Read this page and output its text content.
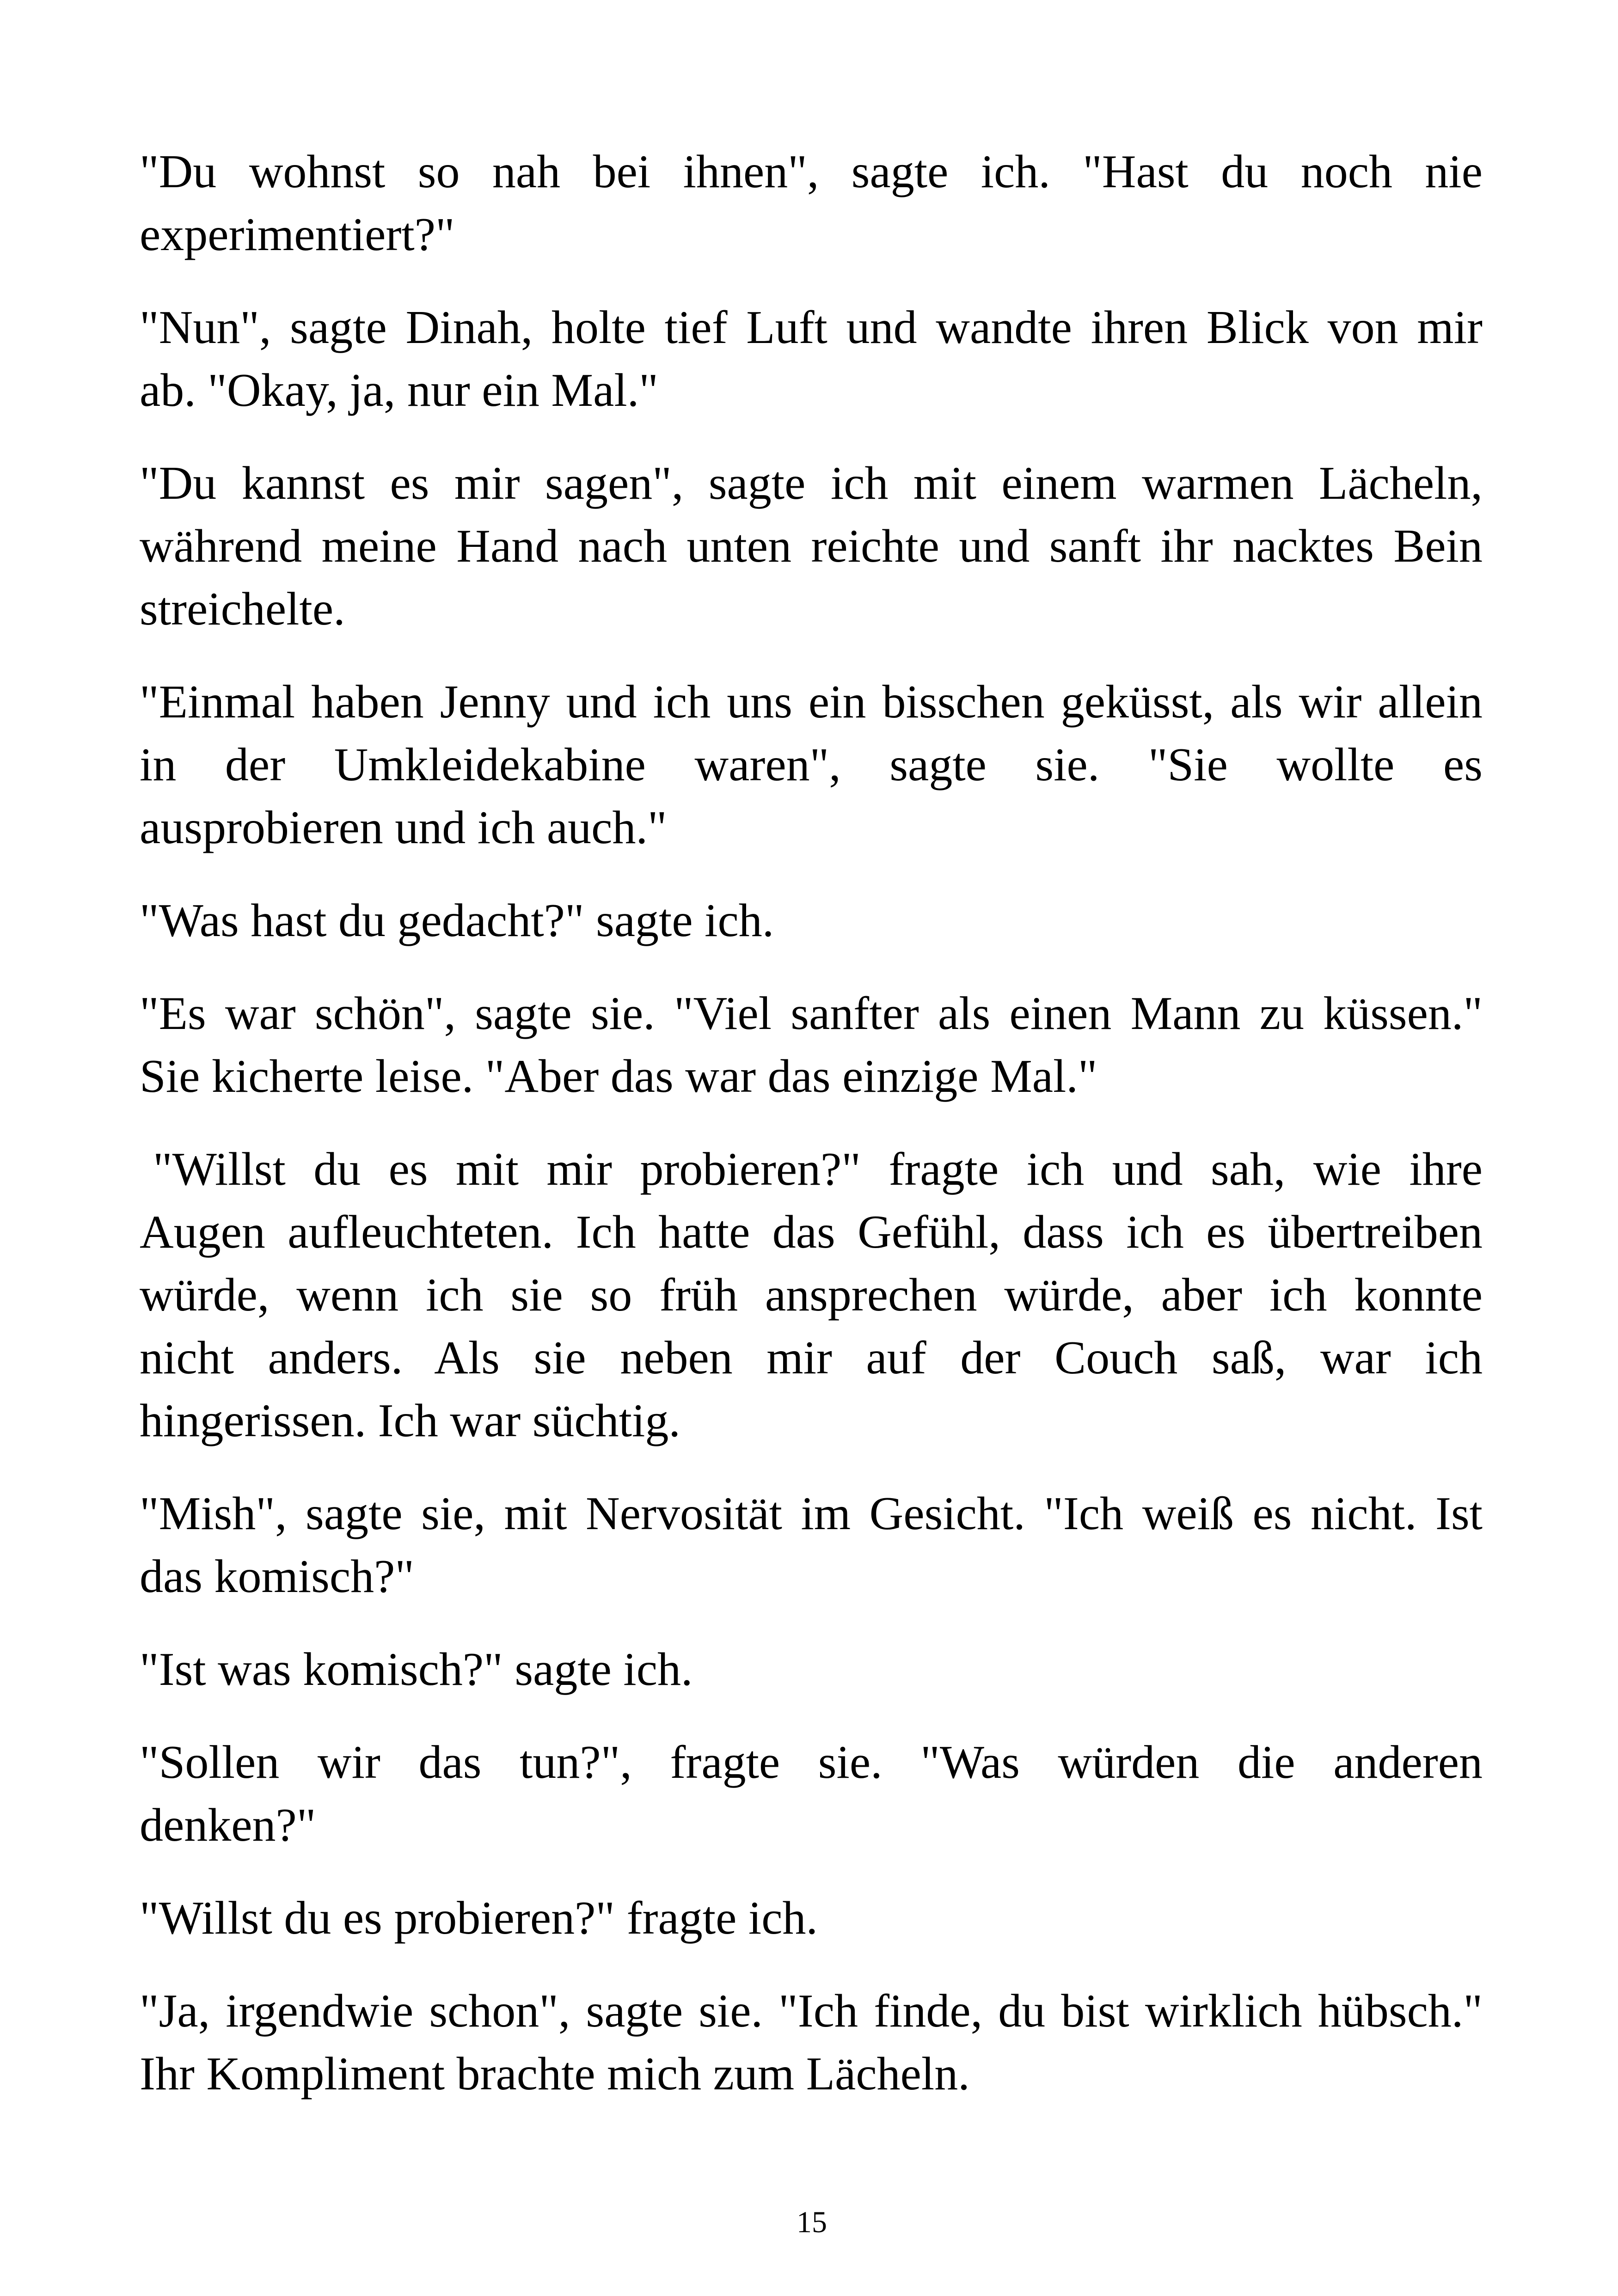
"Du wohnst so nah bei ihnen", sagte ich. "Hast du noch nie
experimentiert?"
"Nun", sagte Dinah, holte tief Luft und wandte ihren Blick von mir
ab. "Okay, ja, nur ein Mal."
"Du kannst es mir sagen", sagte ich mit einem warmen Lächeln,
während meine Hand nach unten reichte und sanft ihr nacktes Bein
streichelte.
"Einmal haben Jenny und ich uns ein bisschen geküsst, als wir allein
in der Umkleidekabine waren", sagte sie. "Sie wollte es
ausprobieren und ich auch."
"Was hast du gedacht?" sagte ich.
"Es war schön", sagte sie. "Viel sanfter als einen Mann zu küssen."
Sie kicherte leise. "Aber das war das einzige Mal."
"Willst du es mit mir probieren?" fragte ich und sah, wie ihre
Augen aufleuchteten. Ich hatte das Gefühl, dass ich es übertreiben
würde, wenn ich sie so früh ansprechen würde, aber ich konnte
nicht anders. Als sie neben mir auf der Couch saß, war ich
hingerissen. Ich war süchtig.
"Mish", sagte sie, mit Nervosität im Gesicht. "Ich weiß es nicht. Ist
das komisch?"
"Ist was komisch?" sagte ich.
"Sollen wir das tun?", fragte sie. "Was würden die anderen
denken?"
"Willst du es probieren?" fragte ich.
"Ja, irgendwie schon", sagte sie. "Ich finde, du bist wirklich hübsch."
Ihr Kompliment brachte mich zum Lächeln.
15
